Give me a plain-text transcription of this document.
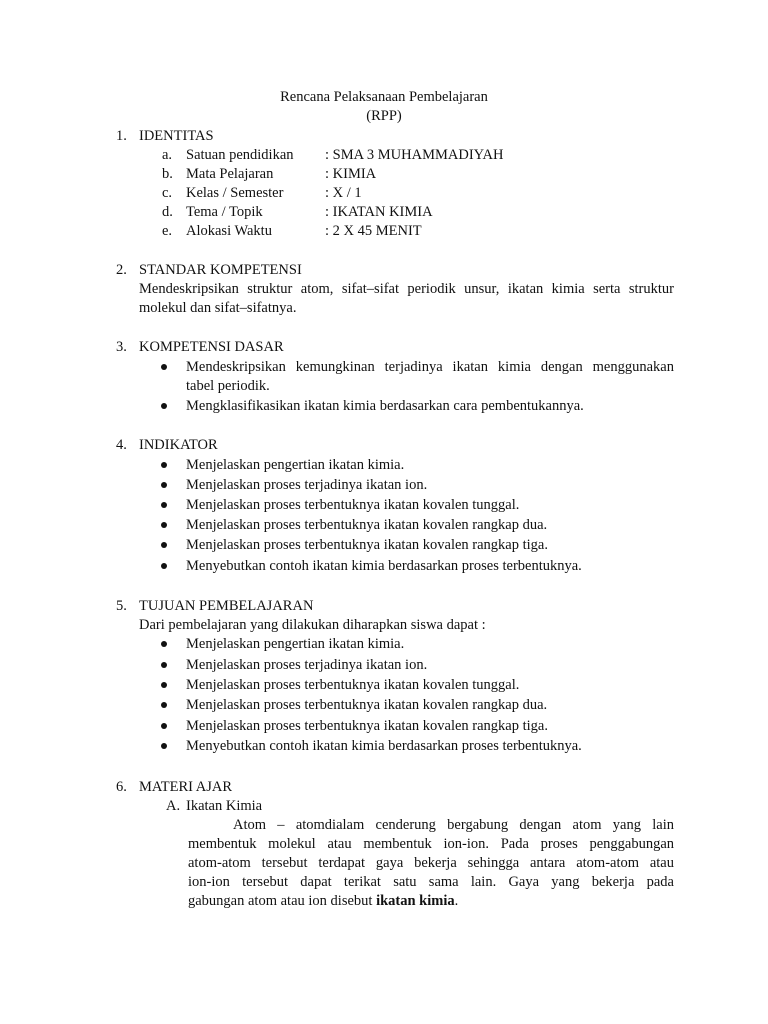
Rencana Pelaksanaan Pembelajaran
(RPP)
1. IDENTITAS
a. Satuan pendidikan : SMA 3 MUHAMMADIYAH
b. Mata Pelajaran	: KIMIA
c. Kelas / Semester	: X / 1
d. Tema / Topik	: IKATAN KIMIA
e. Alokasi Waktu	: 2 X 45 MENIT
2. STANDAR KOMPETENSI
Mendeskripsikan struktur atom, sifat–sifat periodik unsur, ikatan kimia serta struktur
molekul dan sifat–sifatnya.
3. KOMPETENSI DASAR
Mendeskripsikan kemungkinan terjadinya ikatan kimia dengan menggunakan
tabel periodik.
Mengklasifikasikan ikatan kimia berdasarkan cara pembentukannya.
4. INDIKATOR
Menjelaskan pengertian ikatan kimia.
Menjelaskan proses terjadinya ikatan ion.
Menjelaskan proses terbentuknya ikatan kovalen tunggal.
Menjelaskan proses terbentuknya ikatan kovalen rangkap dua.
Menjelaskan proses terbentuknya ikatan kovalen rangkap tiga.
Menyebutkan contoh ikatan kimia berdasarkan proses terbentuknya.
5. TUJUAN PEMBELAJARAN
Dari pembelajaran yang dilakukan diharapkan siswa dapat :
Menjelaskan pengertian ikatan kimia.
Menjelaskan proses terjadinya ikatan ion.
Menjelaskan proses terbentuknya ikatan kovalen tunggal.
Menjelaskan proses terbentuknya ikatan kovalen rangkap dua.
Menjelaskan proses terbentuknya ikatan kovalen rangkap tiga.
Menyebutkan contoh ikatan kimia berdasarkan proses terbentuknya.
6. MATERI AJAR
A. Ikatan Kimia
Atom – atomdialam cenderung bergabung dengan atom yang lain
membentuk molekul atau membentuk ion-ion. Pada proses penggabungan
atom-atom tersebut terdapat gaya bekerja sehingga antara atom-atom atau
ion-ion tersebut dapat terikat satu sama lain. Gaya yang bekerja pada
gabungan atom atau ion disebut ikatan kimia.
